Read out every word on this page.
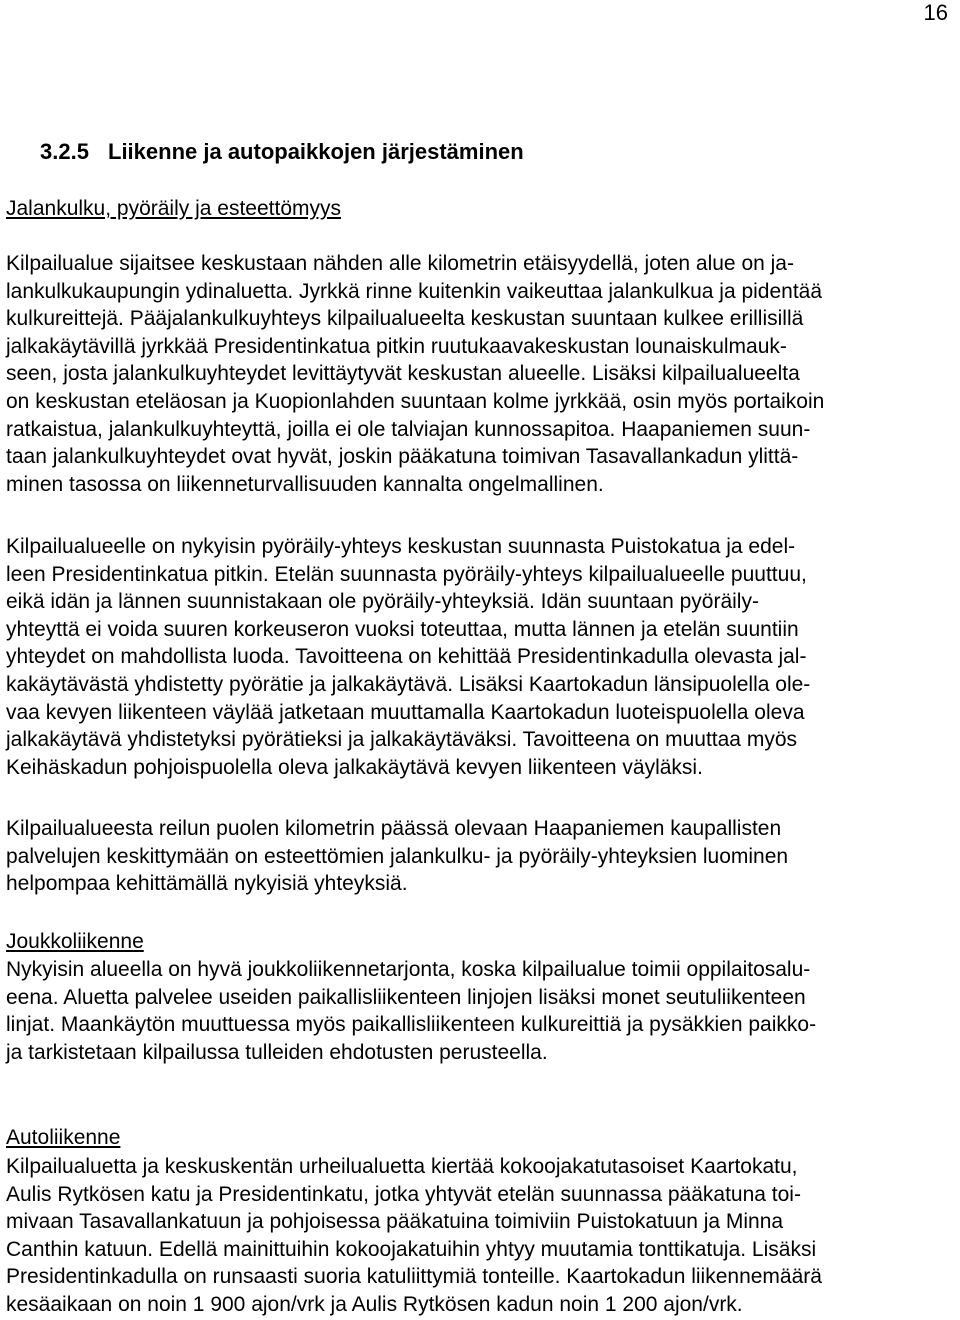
16
3.2.5 Liikenne ja autopaikkojen järjestäminen
Jalankulku, pyöräily ja esteettömyys
Kilpailualue sijaitsee keskustaan nähden alle kilometrin etäisyydellä, joten alue on ja-
lankulkukaupungin ydinaluetta. Jyrkkä rinne kuitenkin vaikeuttaa jalankulkua ja pidentää
kulkureittejä. Pääjalankulkuyhteys kilpailualueelta keskustan suuntaan kulkee erillisillä
jalkakäytävillä jyrkkää Presidentinkatua pitkin ruutukaavakeskustan lounaiskulmauk-
seen, josta jalankulkuyhteydet levittäytyvät keskustan alueelle. Lisäksi kilpailualueelta
on keskustan eteläosan ja Kuopionlahden suuntaan kolme jyrkkää, osin myös portaikoin
ratkaistua, jalankulkuyhteyttä, joilla ei ole talviajan kunnossapitoa. Haapaniemen suun-
taan jalankulkuyhteydet ovat hyvät, joskin pääkatuna toimivan Tasavallankadun ylittä-
minen tasossa on liikenneturvallisuuden kannalta ongelmallinen.
Kilpailualueelle on nykyisin pyöräily-yhteys keskustan suunnasta Puistokatua ja edel-
leen Presidentinkatua pitkin. Etelän suunnasta pyöräily-yhteys kilpailualueelle puuttuu,
eikä idän ja lännen suunnistakaan ole pyöräily-yhteyksiä. Idän suuntaan pyöräily-
yhteyttä ei voida suuren korkeuseron vuoksi toteuttaa, mutta lännen ja etelän suuntiin
yhteydet on mahdollista luoda. Tavoitteena on kehittää Presidentinkadulla olevasta jal-
kakäytävästä yhdistetty pyörätie ja jalkakäytävä. Lisäksi Kaartokadun länsipuolella ole-
vaa kevyen liikenteen väylää jatketaan muuttamalla Kaartokadun luoteispuolella oleva
jalkakäytävä yhdistetyksi pyörätieksi ja jalkakäytäväksi. Tavoitteena on muuttaa myös
Keihäskadun pohjoispuolella oleva jalkakäytävä kevyen liikenteen väyläksi.
Kilpailualueesta reilun puolen kilometrin päässä olevaan Haapaniemen kaupallisten
palvelujen keskittymään on esteettömien jalankulku- ja pyöräily-yhteyksien luominen
helpompaa kehittämällä nykyisiä yhteyksiä.
Joukkoliikenne
Nykyisin alueella on hyvä joukkoliikennetarjonta, koska kilpailualue toimii oppilaitosalu-
eena. Aluetta palvelee useiden paikallisliikenteen linjojen lisäksi monet seutuliikenteen
linjat. Maankäytön muuttuessa myös paikallisliikenteen kulkureittiä ja pysäkkien paikko-
ja tarkistetaan kilpailussa tulleiden ehdotusten perusteella.
Autoliikenne
Kilpailualuetta ja keskuskentän urheilualuetta kiertää kokoojakatutasoiset Kaartokatu,
Aulis Rytkösen katu ja Presidentinkatu, jotka yhtyvät etelän suunnassa pääkatuna toi-
mivaan Tasavallankatuun ja pohjoisessa pääkatuina toimiviin Puistokatuun ja Minna
Canthin katuun. Edellä mainittuihin kokoojakatuihin yhtyy muutamia tonttikatuja. Lisäksi
Presidentinkadulla on runsaasti suoria katuliittymiä tonteille. Kaartokadun liikennemäärä
kesäaikaan on noin 1 900 ajon/vrk ja Aulis Rytkösen kadun noin 1 200 ajon/vrk.
